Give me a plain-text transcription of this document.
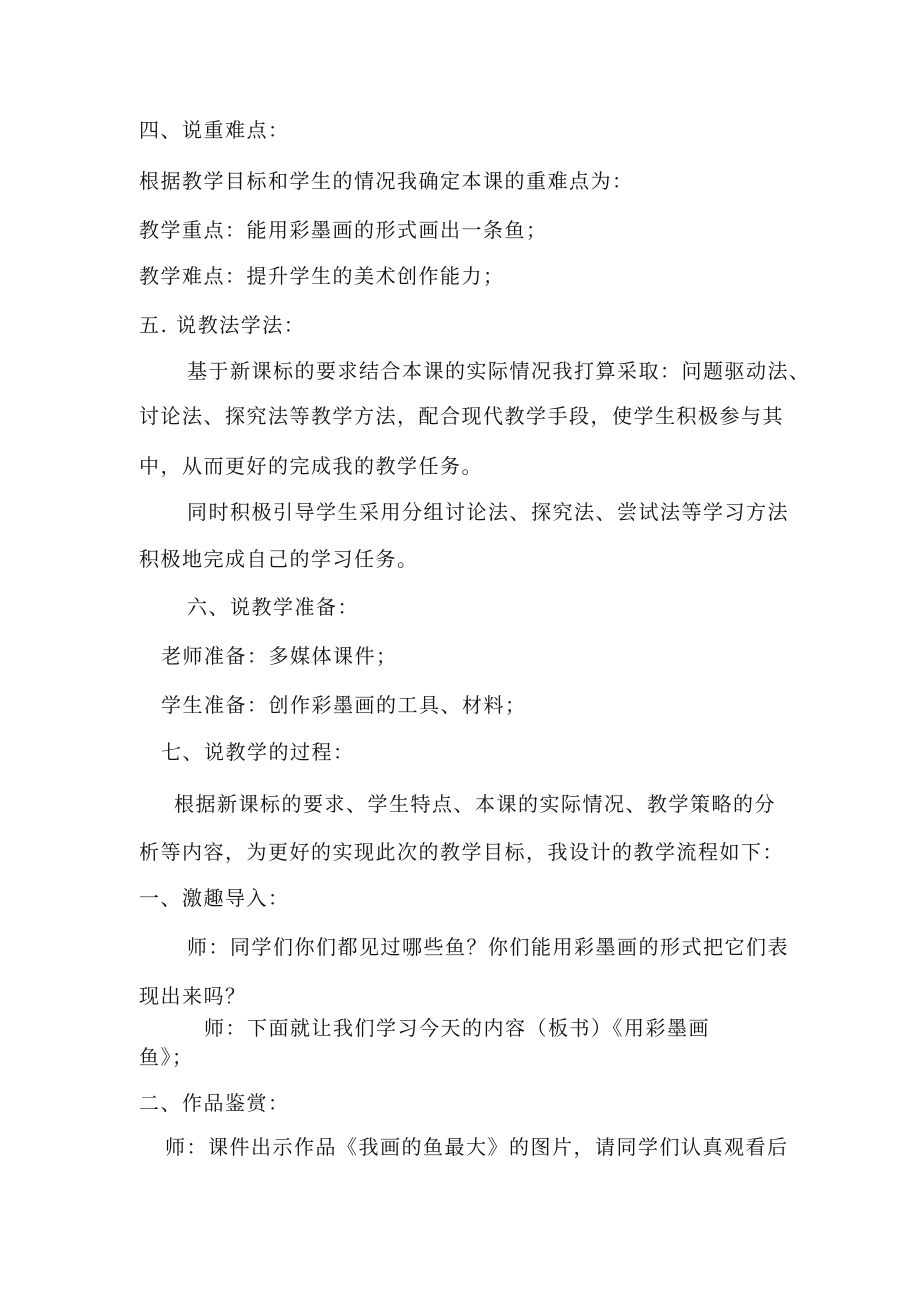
四、说重难点：
根据教学目标和学生的情况我确定本课的重难点为：
教学重点：能用彩墨画的形式画出一条鱼；
教学难点：提升学生的美术创作能力；
五. 说教法学法：
基于新课标的要求结合本课的实际情况我打算采取：问题驱动法、
讨论法、探究法等教学方法，配合现代教学手段，使学生积极参与其
中，从而更好的完成我的教学任务。
同时积极引导学生采用分组讨论法、探究法、尝试法等学习方法
积极地完成自己的学习任务。
六、说教学准备：
老师准备：多媒体课件；
学生准备：创作彩墨画的工具、材料；
七、说教学的过程：
根据新课标的要求、学生特点、本课的实际情况、教学策略的分
析等内容，为更好的实现此次的教学目标，我设计的教学流程如下：
一、激趣导入：
师：同学们你们都见过哪些鱼？你们能用彩墨画的形式把它们表
现出来吗？
师：下面就让我们学习今天的内容（板书）《用彩墨画
鱼》；
二、作品鉴赏：
师：课件出示作品《我画的鱼最大》的图片，请同学们认真观看后
